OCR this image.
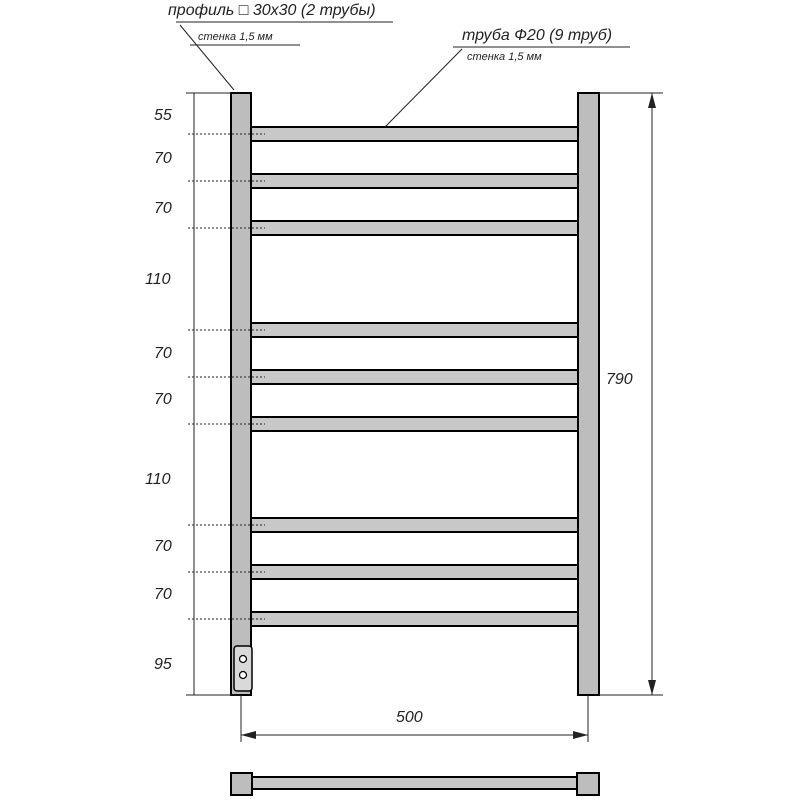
профиль □ 30х30 (2 трубы)
стенка 1,5 мм	труба Ф20 (9 труб)
стенка 1,5 мм
55
70
70
110
70
70
110
70
70
95
790
500
